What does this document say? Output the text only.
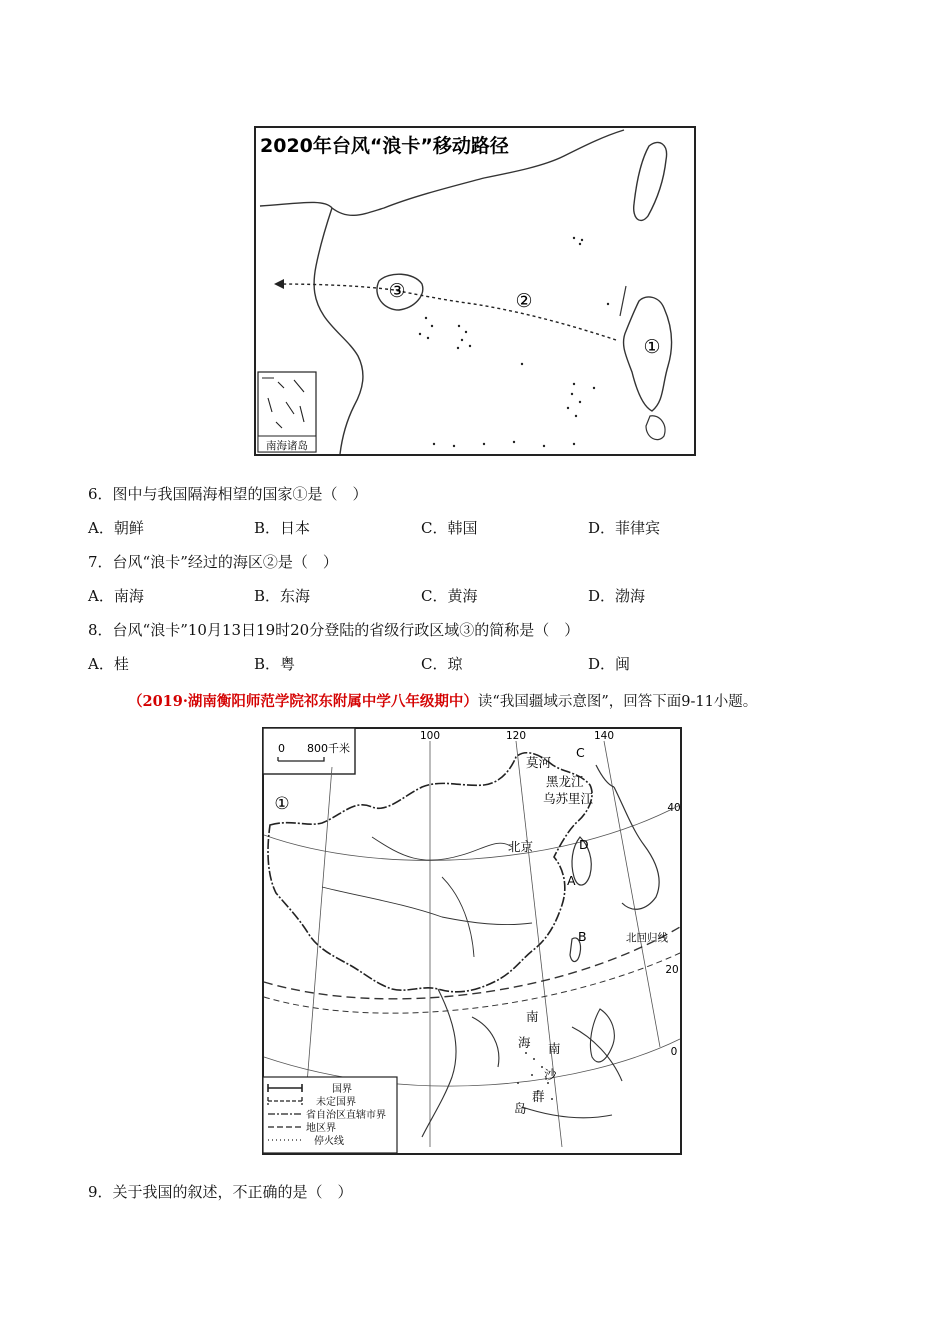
2020年台风“浪卡”移动路径
①
②
③
南海诸岛
6．图中与我国隔海相望的国家①是（　）
A．朝鲜	B．日本	C．韩国	D．菲律宾
7．台风“浪卡”经过的海区②是（　）
A．南海	B．东海	C．黄海	D．渤海
8．台风“浪卡”10月13日19时20分登陆的省级行政区域③的简称是（　）
A．桂	B．粤	C．琼	D．闽
（2019·湖南衡阳师范学院祁东附属中学八年级期中）读“我国疆域示意图”，回答下面9-11小题。
0　　800千米
100	120	140
40
20
0
①
莫河
黑龙江
乌苏里江
北京
A
B
C
D
北回归线
南
海 南
沙
群
岛
国界
未定国界
省自治区直辖市界
地区界
停火线
9．关于我国的叙述，不正确的是（　）
